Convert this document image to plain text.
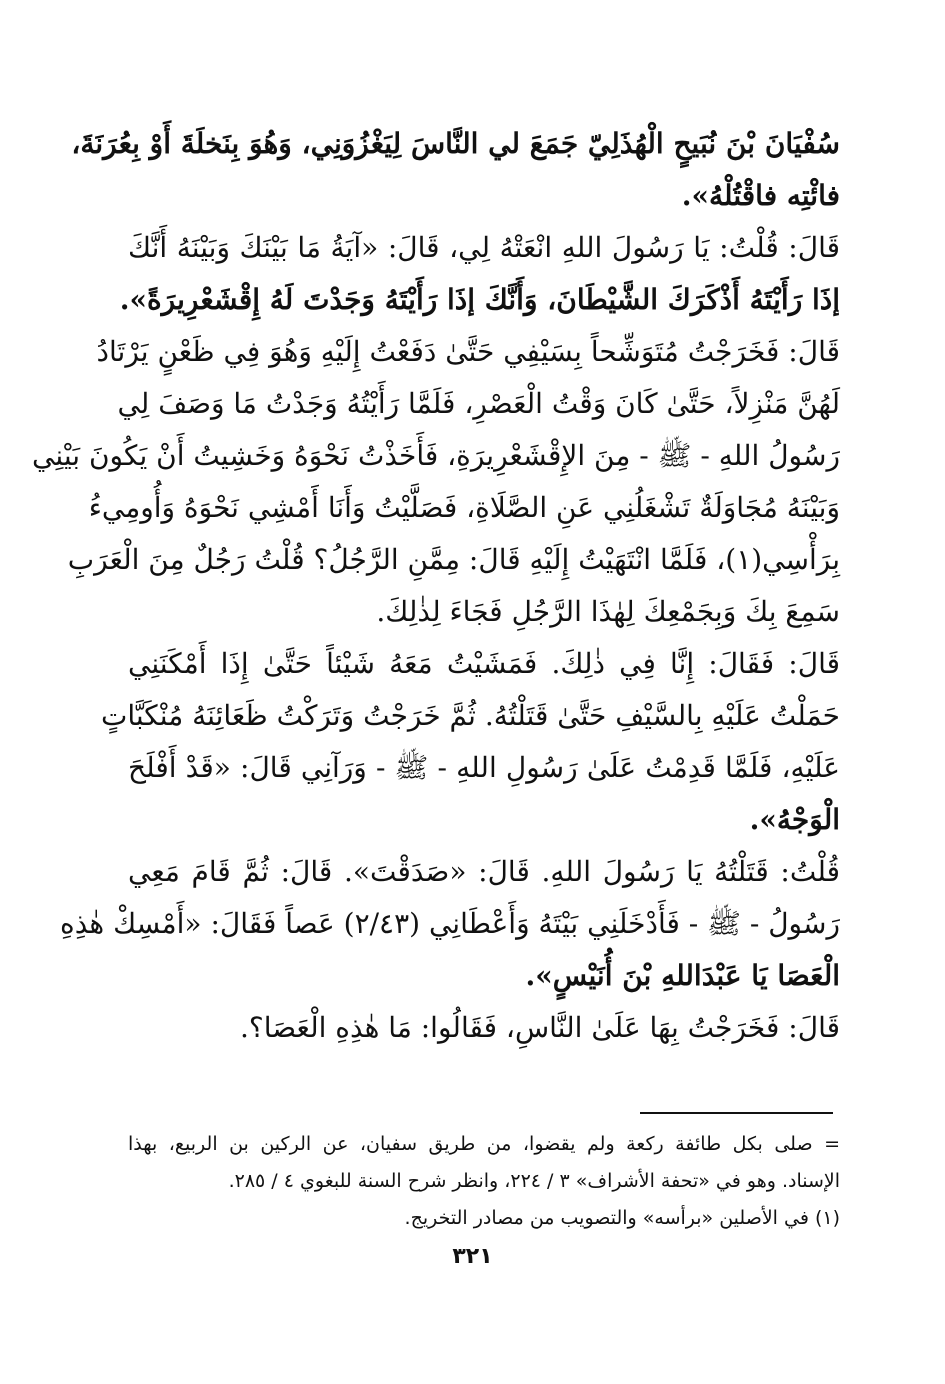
سُفْيَانَ بْنَ نُبَيحٍ الْهُذَلِيّ جَمَعَ لي النَّاسَ لِيَغْزُوَنِي، وَهُوَ بِنَخلَةَ أَوْ بِعُرَنَةَ،
فائْتِه فاقْتُلْهُ».
قَالَ: قُلْتُ: يَا رَسُولَ اللهِ انْعَتْهُ لِي، قَالَ: «آيَةُ مَا بَيْنَكَ وَبَيْنَهُ أَنَّكَ
إذَا رَأَيْتَهُ أَذْكَرَكَ الشَّيْطَانَ، وَأَنَّكَ إذَا رَأَيْتَهُ وَجَدْتَ لَهُ إِقْشَعْرِيرَةً».
قَالَ: فَخَرَجْتُ مُتَوَشِّحاً بِسَيْفِي حَتَّىٰ دَفَعْتُ إِلَيْهِ وَهُوَ فِي ظَعْنٍ يَرْتَادُ
لَهُنَّ مَنْزِلاً، حَتَّىٰ كَانَ وَقْتُ الْعَصْرِ، فَلَمَّا رَأَيْتُهُ وَجَدْتُ مَا وَصَفَ لِي
رَسُولُ اللهِ - ﷺ - مِنَ الإِقْشَعْرِيرَةِ، فَأَخَذْتُ نَحْوَهُ وَخَشِيتُ أَنْ يَكُونَ بَيْنِي
وَبَيْنَهُ مُجَاوَلَةٌ تَشْغَلُنِي عَنِ الصَّلَاةِ، فَصَلَّيْتُ وَأَنَا أَمْشِي نَحْوَهُ وَأُومِيءُ
بِرَأْسِي(١)، فَلَمَّا انْتَهَيْتُ إِلَيْهِ قَالَ: مِمَّنِ الرَّجُلُ؟ قُلْتُ رَجُلٌ مِنَ الْعَرَبِ
سَمِعَ بِكَ وَبِجَمْعِكَ لِهٰذَا الرَّجُلِ فَجَاءَ لِذٰلِكَ.
قَالَ: فَقَالَ: إِنَّا فِي ذٰلِكَ. فَمَشَيْتُ مَعَهُ شَيْئاً حَتَّىٰ إِذَا أَمْكَنَنِي
حَمَلْتُ عَلَيْهِ بِالسَّيْفِ حَتَّىٰ قَتَلْتُهُ. ثُمَّ خَرَجْتُ وَتَرَكْتُ ظَعَائِنَهُ مُنْكَبَّاتٍ
عَلَيْهِ، فَلَمَّا قَدِمْتُ عَلَىٰ رَسُولِ اللهِ - ﷺ - وَرَآنِي قَالَ: «قَدْ أَفْلَحَ
الْوَجْهُ».
قُلْتُ: قَتَلْتُهُ يَا رَسُولَ اللهِ. قَالَ: «صَدَقْتَ». قَالَ: ثُمَّ قَامَ مَعِي
رَسُولُ - ﷺ - فَأَدْخَلَنِي بَيْتَهُ وَأَعْطَانِي (٢/٤٣) عَصاً فَقَالَ: «أَمْسِكْ هٰذِهِ
الْعَصَا يَا عَبْدَاللهِ بْنَ أُنَيْسٍ».
قَالَ: فَخَرَجْتُ بِهَا عَلَىٰ النَّاسِ، فَقَالُوا: مَا هٰذِهِ الْعَصَا؟.
= صلى بكل طائفة ركعة ولم يقضوا، من طريق سفيان، عن الركين بن الربيع، بهذا
الإسناد. وهو في «تحفة الأشراف» ٣ / ٢٢٤، وانظر شرح السنة للبغوي ٤ / ٢٨٥.
(١) في الأصلين «برأسه» والتصويب من مصادر التخريج.
٣٢١
